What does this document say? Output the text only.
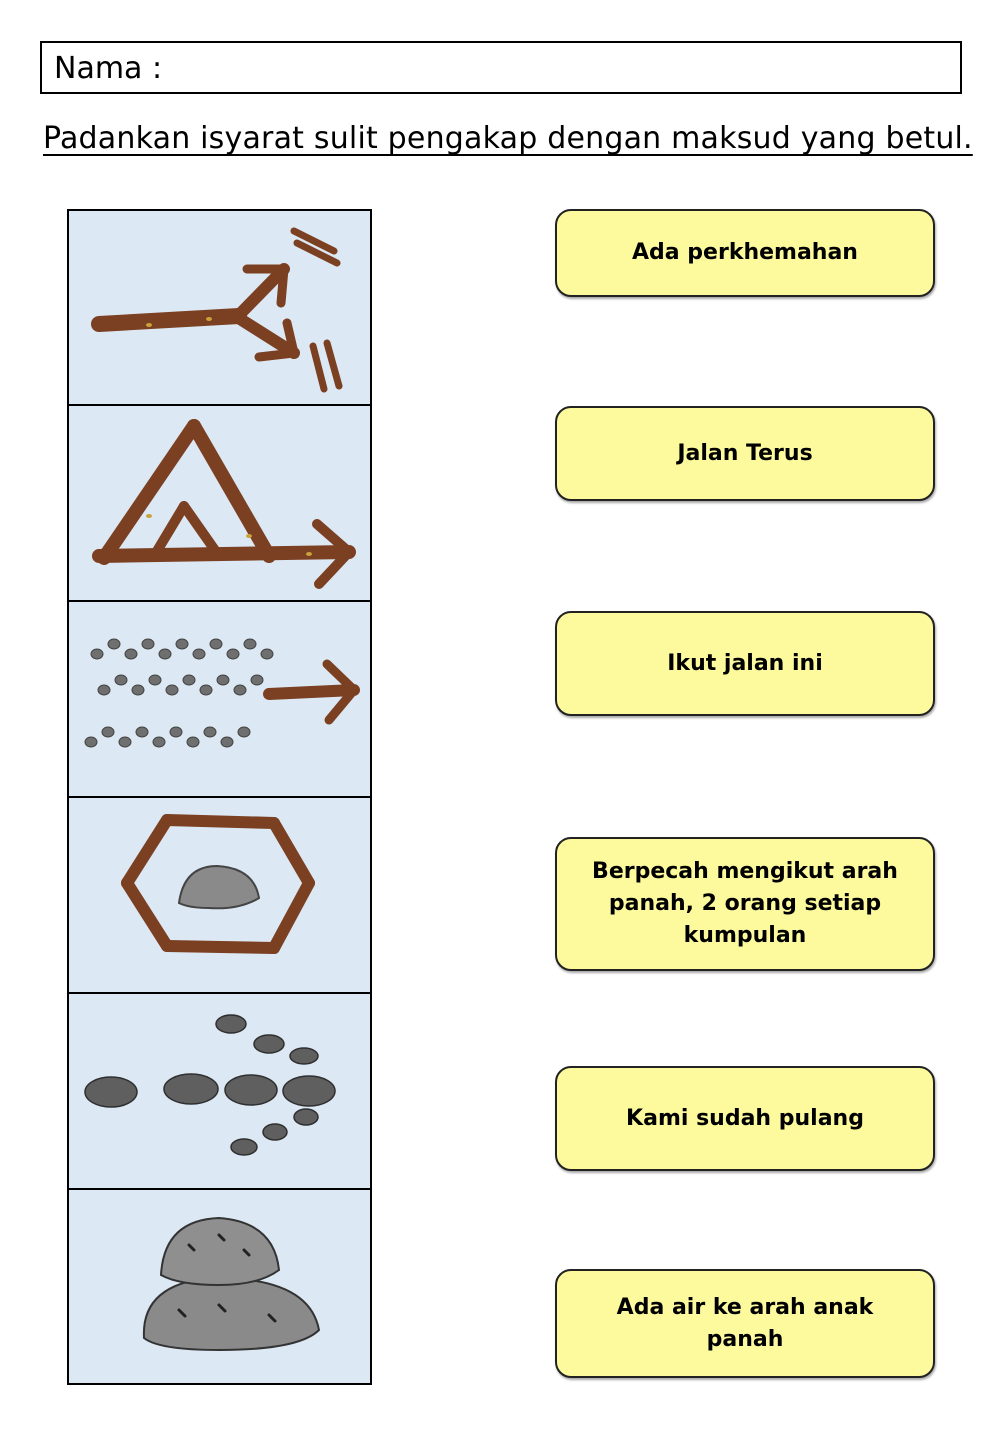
Nama :
Padankan isyarat sulit pengakap dengan maksud yang betul.
Ada perkhemahan
Jalan Terus
Ikut jalan ini
Berpecah mengikut arah panah, 2 orang setiap kumpulan
Kami sudah pulang
Ada air ke arah anak panah
